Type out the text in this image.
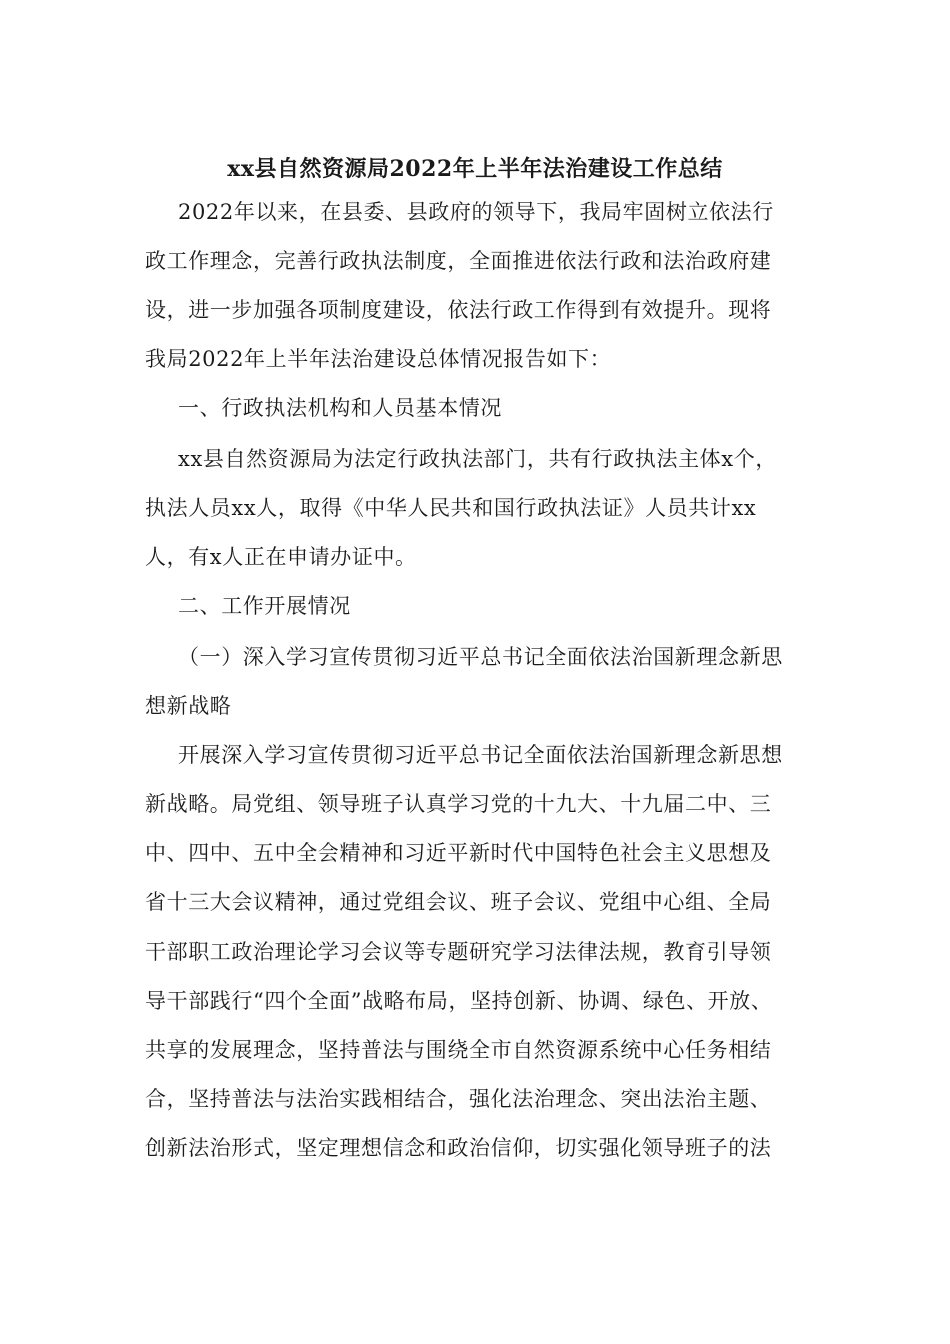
xx县自然资源局2022年上半年法治建设工作总结
2022年以来，在县委、县政府的领导下，我局牢固树立依法行
政工作理念，完善行政执法制度，全面推进依法行政和法治政府建
设，进一步加强各项制度建设，依法行政工作得到有效提升。现将
我局2022年上半年法治建设总体情况报告如下：
一、行政执法机构和人员基本情况
xx县自然资源局为法定行政执法部门，共有行政执法主体x个，
执法人员xx人，取得《中华人民共和国行政执法证》人员共计xx
人，有x人正在申请办证中。
二、工作开展情况
（一）深入学习宣传贯彻习近平总书记全面依法治国新理念新思
想新战略
开展深入学习宣传贯彻习近平总书记全面依法治国新理念新思想
新战略。局党组、领导班子认真学习党的十九大、十九届二中、三
中、四中、五中全会精神和习近平新时代中国特色社会主义思想及
省十三大会议精神，通过党组会议、班子会议、党组中心组、全局
干部职工政治理论学习会议等专题研究学习法律法规，教育引导领
导干部践行“四个全面”战略布局，坚持创新、协调、绿色、开放、
共享的发展理念，坚持普法与围绕全市自然资源系统中心任务相结
合，坚持普法与法治实践相结合，强化法治理念、突出法治主题、
创新法治形式，坚定理想信念和政治信仰，切实强化领导班子的法
